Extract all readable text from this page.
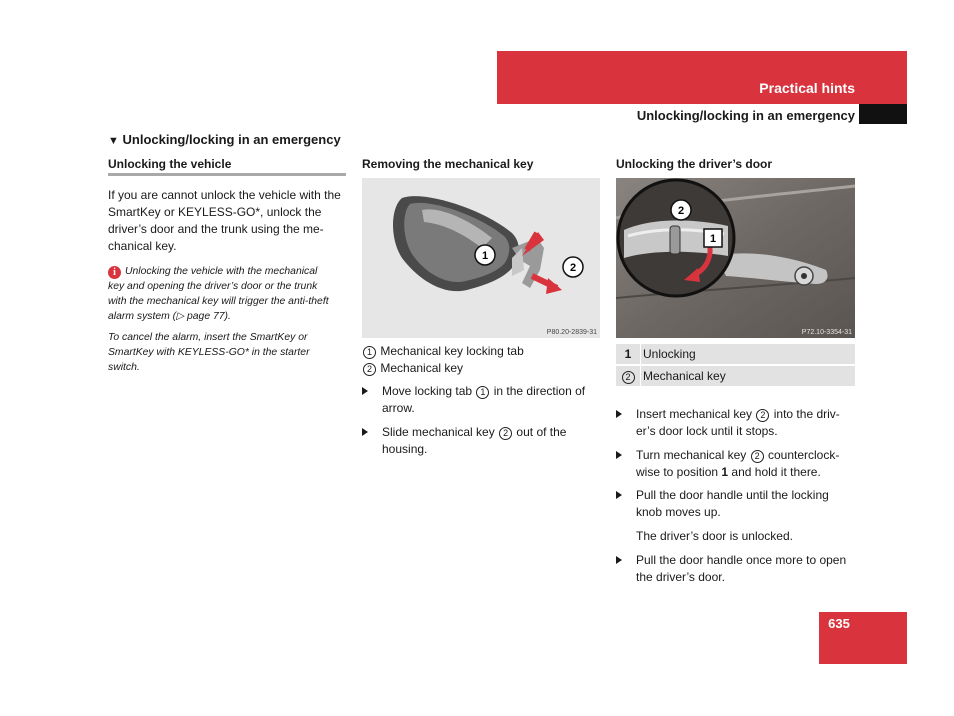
Practical hints
Unlocking/locking in an emergency
▼ Unlocking/locking in an emergency
Unlocking the vehicle
If you are cannot unlock the vehicle with the SmartKey or KEYLESS-GO*, unlock the driver’s door and the trunk using the me-chanical key.
i Unlocking the vehicle with the mechanical
key and opening the driver’s door or the trunk
with the mechanical key will trigger the anti-theft
alarm system (▷ page 77).
To cancel the alarm, insert the SmartKey or
SmartKey with KEYLESS-GO* in the starter
switch.
Removing the mechanical key
1
2
P80.20-2839-31
1 Mechanical key locking tab
2 Mechanical key
Move locking tab 1 in the direction of
arrow.
Slide mechanical key 2 out of the
housing.
Unlocking the driver’s door
2
1
P72.10-3354-31
1 Unlocking
2	Mechanical key
Insert mechanical key 2 into the driv-
er’s door lock until it stops.
Turn mechanical key 2 counterclock-
wise to position 1 and hold it there.
Pull the door handle until the locking
knob moves up.
The driver’s door is unlocked.
Pull the door handle once more to open
the driver’s door.
635
